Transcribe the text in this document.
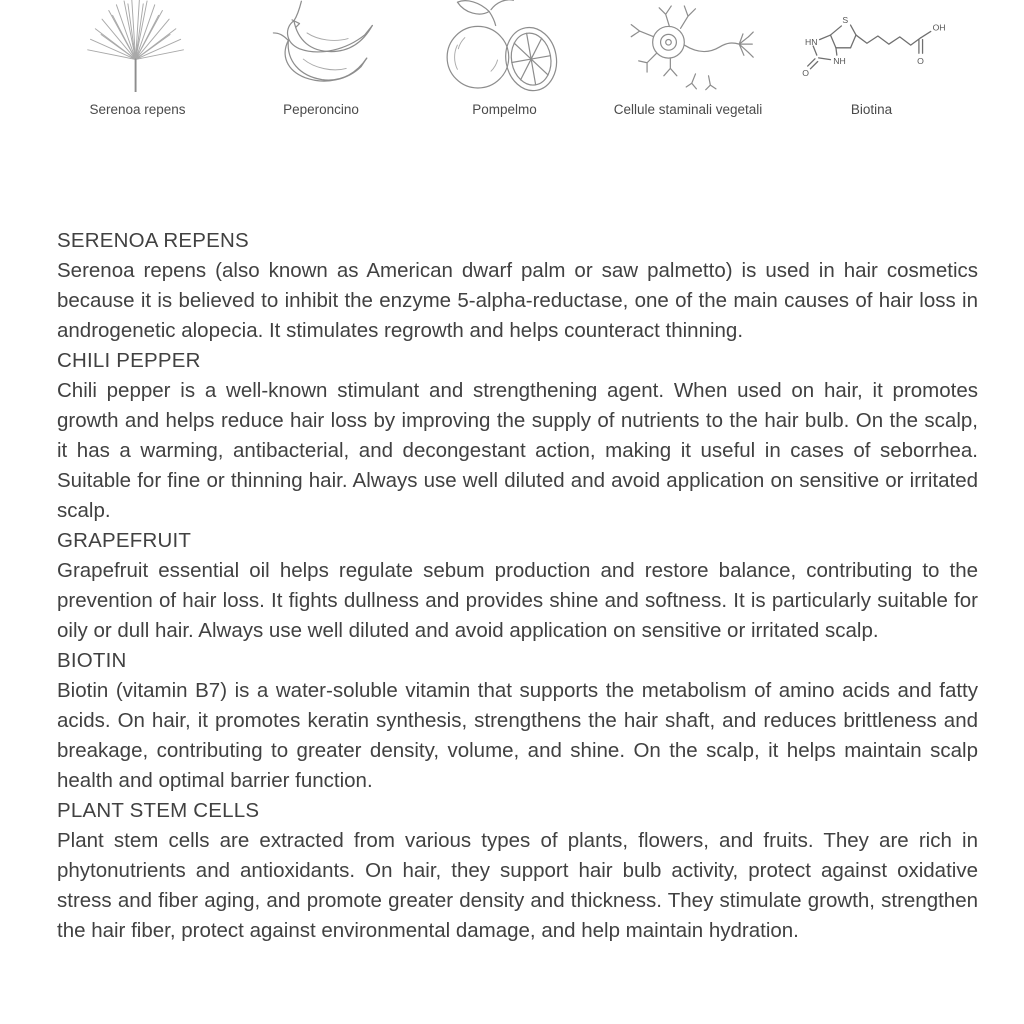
Serenoa repens	Peperoncino	Pompelmo	Cellule staminali vegetali
S
HN
NH
O
OH
O
Biotina
SERENOA REPENS

Serenoa repens (also known as American dwarf palm or saw palmetto) is used in hair cosmetics because it is believed to inhibit the enzyme 5-alpha-reductase, one of the main causes of hair loss in androgenetic alopecia. It stimulates regrowth and helps counteract thinning.

CHILI PEPPER

Chili pepper is a well-known stimulant and strengthening agent. When used on hair, it promotes growth and helps reduce hair loss by improving the supply of nutrients to the hair bulb. On the scalp, it has a warming, antibacterial, and decongestant action, making it useful in cases of seborrhea. Suitable for fine or thinning hair. Always use well diluted and avoid application on sensitive or irritated scalp.

GRAPEFRUIT

Grapefruit essential oil helps regulate sebum production and restore balance, contributing to the prevention of hair loss. It fights dullness and provides shine and softness. It is particularly suitable for oily or dull hair. Always use well diluted and avoid application on sensitive or irritated scalp.

BIOTIN

Biotin (vitamin B7) is a water-soluble vitamin that supports the metabolism of amino acids and fatty acids. On hair, it promotes keratin synthesis, strengthens the hair shaft, and reduces brittleness and breakage, contributing to greater density, volume, and shine. On the scalp, it helps maintain scalp health and optimal barrier function.

PLANT STEM CELLS

Plant stem cells are extracted from various types of plants, flowers, and fruits. They are rich in phytonutrients and antioxidants. On hair, they support hair bulb activity, protect against oxidative stress and fiber aging, and promote greater density and thickness. They stimulate growth, strengthen the hair fiber, protect against environmental damage, and help maintain hydration.
